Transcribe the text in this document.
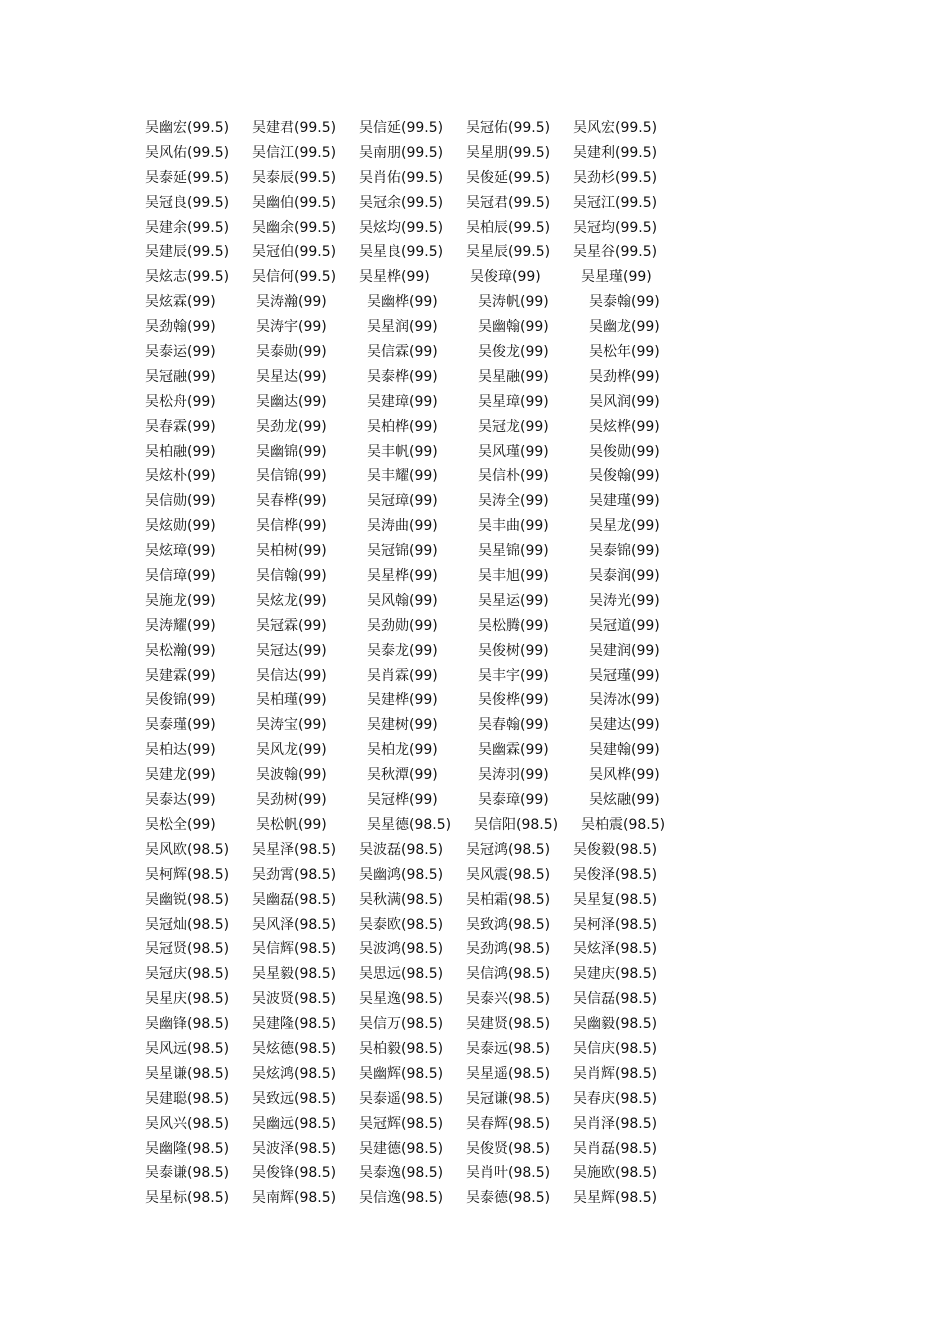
吴幽宏(99.5) 吴建君(99.5) 吴信延(99.5) 吴冠佑(99.5) 吴风宏(99.5)
吴风佑(99.5) 吴信江(99.5) 吴南朋(99.5) 吴星朋(99.5) 吴建利(99.5)
吴泰延(99.5) 吴泰辰(99.5) 吴肖佑(99.5) 吴俊延(99.5) 吴劲杉(99.5)
吴冠良(99.5) 吴幽伯(99.5) 吴冠余(99.5) 吴冠君(99.5) 吴冠江(99.5)
吴建余(99.5) 吴幽余(99.5) 吴炫均(99.5) 吴柏辰(99.5) 吴冠均(99.5)
吴建辰(99.5) 吴冠伯(99.5) 吴星良(99.5) 吴星辰(99.5) 吴星谷(99.5)
吴炫志(99.5) 吴信何(99.5) 吴星桦(99)	吴俊璋(99)	吴星瑾(99)
吴炫霖(99)	吴涛瀚(99)	吴幽桦(99)	吴涛帆(99)	吴泰翰(99)
吴劲翰(99)	吴涛宇(99)	吴星润(99)	吴幽翰(99)	吴幽龙(99)
吴泰运(99)	吴泰勋(99)	吴信霖(99)	吴俊龙(99)	吴松年(99)
吴冠融(99)	吴星达(99)	吴泰桦(99)	吴星融(99)	吴劲桦(99)
吴松舟(99)	吴幽达(99)	吴建璋(99)	吴星璋(99)	吴风润(99)
吴春霖(99)	吴劲龙(99)	吴柏桦(99)	吴冠龙(99)	吴炫桦(99)
吴柏融(99)	吴幽锦(99)	吴丰帆(99)	吴风瑾(99)	吴俊勋(99)
吴炫朴(99)	吴信锦(99)	吴丰耀(99)	吴信朴(99)	吴俊翰(99)
吴信勋(99)	吴春桦(99)	吴冠璋(99)	吴涛全(99)	吴建瑾(99)
吴炫勋(99)	吴信桦(99)	吴涛曲(99)	吴丰曲(99)	吴星龙(99)
吴炫璋(99)	吴柏树(99)	吴冠锦(99)	吴星锦(99)	吴泰锦(99)
吴信璋(99)	吴信翰(99)	吴星桦(99)	吴丰旭(99)	吴泰润(99)
吴施龙(99)	吴炫龙(99)	吴风翰(99)	吴星运(99)	吴涛光(99)
吴涛耀(99)	吴冠霖(99)	吴劲勋(99)	吴松腾(99)	吴冠道(99)
吴松瀚(99)	吴冠达(99)	吴泰龙(99)	吴俊树(99)	吴建润(99)
吴建霖(99)	吴信达(99)	吴肖霖(99)	吴丰宇(99)	吴冠瑾(99)
吴俊锦(99)	吴柏瑾(99)	吴建桦(99)	吴俊桦(99)	吴涛冰(99)
吴泰瑾(99)	吴涛宝(99)	吴建树(99)	吴春翰(99)	吴建达(99)
吴柏达(99)	吴风龙(99)	吴柏龙(99)	吴幽霖(99)	吴建翰(99)
吴建龙(99)	吴波翰(99)	吴秋潭(99)	吴涛羽(99)	吴风桦(99)
吴泰达(99)	吴劲树(99)	吴冠桦(99)	吴泰璋(99)	吴炫融(99)
吴松全(99)	吴松帆(99)	吴星德(98.5) 吴信阳(98.5) 吴柏震(98.5)
吴风欧(98.5) 吴星泽(98.5) 吴波磊(98.5) 吴冠鸿(98.5) 吴俊毅(98.5)
吴柯辉(98.5) 吴劲霄(98.5) 吴幽鸿(98.5) 吴风震(98.5) 吴俊泽(98.5)
吴幽锐(98.5) 吴幽磊(98.5) 吴秋满(98.5) 吴柏霜(98.5) 吴星复(98.5)
吴冠灿(98.5) 吴风泽(98.5) 吴泰欧(98.5) 吴致鸿(98.5) 吴柯泽(98.5)
吴冠贤(98.5) 吴信辉(98.5) 吴波鸿(98.5) 吴劲鸿(98.5) 吴炫泽(98.5)
吴冠庆(98.5) 吴星毅(98.5) 吴思远(98.5) 吴信鸿(98.5) 吴建庆(98.5)
吴星庆(98.5) 吴波贤(98.5) 吴星逸(98.5) 吴泰兴(98.5) 吴信磊(98.5)
吴幽锋(98.5) 吴建隆(98.5) 吴信万(98.5) 吴建贤(98.5) 吴幽毅(98.5)
吴风远(98.5) 吴炫德(98.5) 吴柏毅(98.5) 吴泰远(98.5) 吴信庆(98.5)
吴星谦(98.5) 吴炫鸿(98.5) 吴幽辉(98.5) 吴星遥(98.5) 吴肖辉(98.5)
吴建聪(98.5) 吴致远(98.5) 吴泰遥(98.5) 吴冠谦(98.5) 吴春庆(98.5)
吴风兴(98.5) 吴幽远(98.5) 吴冠辉(98.5) 吴春辉(98.5) 吴肖泽(98.5)
吴幽隆(98.5) 吴波泽(98.5) 吴建德(98.5) 吴俊贤(98.5) 吴肖磊(98.5)
吴泰谦(98.5) 吴俊锋(98.5) 吴泰逸(98.5) 吴肖叶(98.5) 吴施欧(98.5)
吴星标(98.5) 吴南辉(98.5) 吴信逸(98.5) 吴泰德(98.5) 吴星辉(98.5)
